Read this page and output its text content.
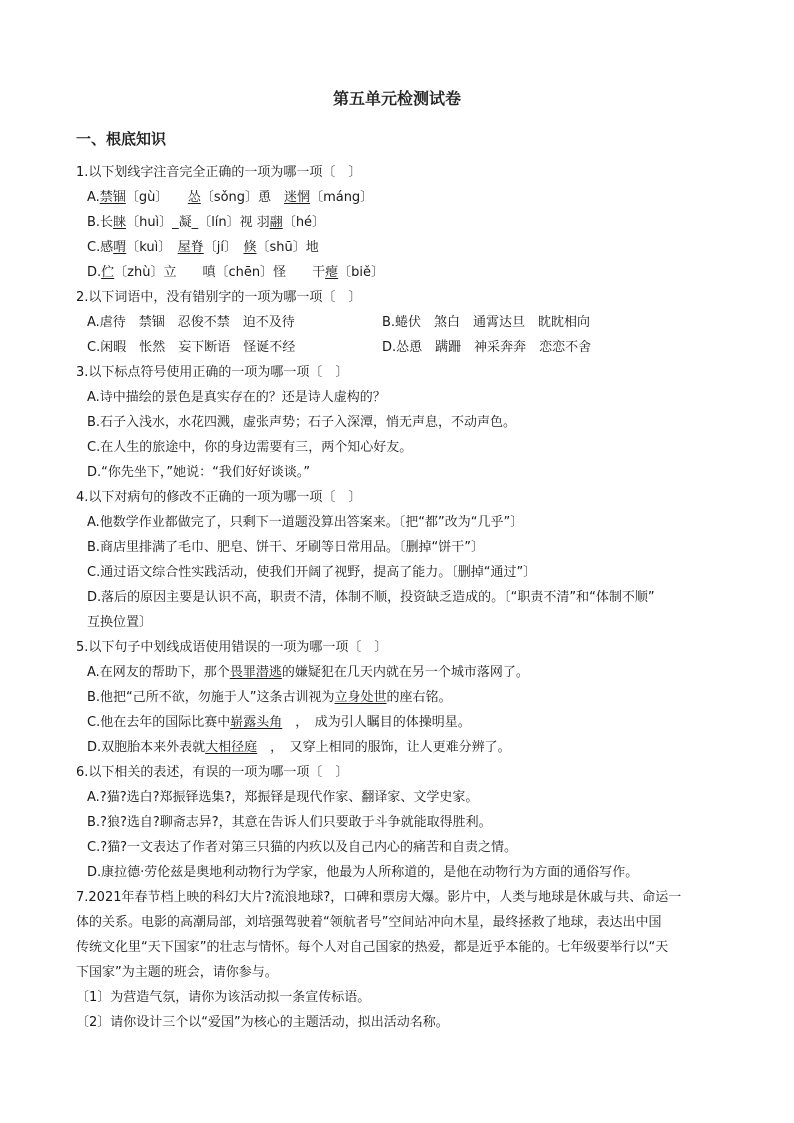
第五单元检测试卷
一、根底知识
1.以下划线字注音完全正确的一项为哪一项〔　〕
A.禁锢〔gù〕　　怂〔sǒng〕恿　迷惘〔máng〕
B.长睐〔huì〕_凝_〔lín〕视 羽翮〔hé〕
C.感喟〔kuì〕　屋脊〔jí〕　倏〔shū〕地
D.伫〔zhù〕立　　嗔〔chēn〕怪　　干瘪〔biě〕
2.以下词语中，没有错别字的一项为哪一项〔　〕
A.虐待　禁锢　忍俊不禁　迫不及待	B.蜷伏　煞白　通霄达旦　眈眈相向
C.闲暇　怅然　妄下断语　怪诞不经	D.怂恿　蹒跚　神采奔奔　恋恋不舍
3.以下标点符号使用正确的一项为哪一项〔　〕
A.诗中描绘的景色是真实存在的？还是诗人虚构的？
B.石子入浅水，水花四溅，虚张声势；石子入深潭，悄无声息，不动声色。
C.在人生的旅途中，你的身边需要有三，两个知心好友。
D.“你先坐下，”她说：“我们好好谈谈。”
4.以下对病句的修改不正确的一项为哪一项〔　〕
A.他数学作业都做完了，只剩下一道题没算出答案来。〔把“都”改为“几乎”〕
B.商店里排满了毛巾、肥皂、饼干、牙刷等日常用品。〔删掉“饼干”〕
C.通过语文综合性实践活动，使我们开阔了视野，提高了能力。〔删掉“通过”〕
D.落后的原因主要是认识不高，职责不清，体制不顺，投资缺乏造成的。〔“职责不清”和“体制不顺”
互换位置〕
5.以下句子中划线成语使用错误的一项为哪一项〔　〕
A.在网友的帮助下，那个畏罪潜逃的嫌疑犯在几天内就在另一个城市落网了。
B.他把“己所不欲，勿施于人”这条古训视为立身处世的座右铭。
C.他在去年的国际比赛中崭露头角　，　成为引人瞩目的体操明星。
D.双胞胎本来外表就大相径庭　，　又穿上相同的服饰，让人更难分辨了。
6.以下相关的表述，有误的一项为哪一项〔　〕
A.?猫?选白?郑振铎选集?，郑振铎是现代作家、翻译家、文学史家。
B.?狼?选自?聊斋志异?，其意在告诉人们只要敢于斗争就能取得胜利。
C.?猫?一文表达了作者对第三只猫的内疚以及自己内心的痛苦和自责之情。
D.康拉德·劳伦兹是奥地利动物行为学家，他最为人所称道的，是他在动物行为方面的通俗写作。
7.2021年春节档上映的科幻大片?流浪地球?，口碑和票房大爆。影片中，人类与地球是休戚与共、命运一
体的关系。电影的高潮局部，刘培强驾驶着“领航者号”空间站冲向木星，最终拯救了地球，表达出中国
传统文化里“天下国家”的壮志与情怀。每个人对自己国家的热爱，都是近乎本能的。七年级要举行以“天
下国家”为主题的班会，请你参与。
〔1〕为营造气氛，请你为该活动拟一条宣传标语。
〔2〕请你设计三个以“爱国”为核心的主题活动，拟出活动名称。
